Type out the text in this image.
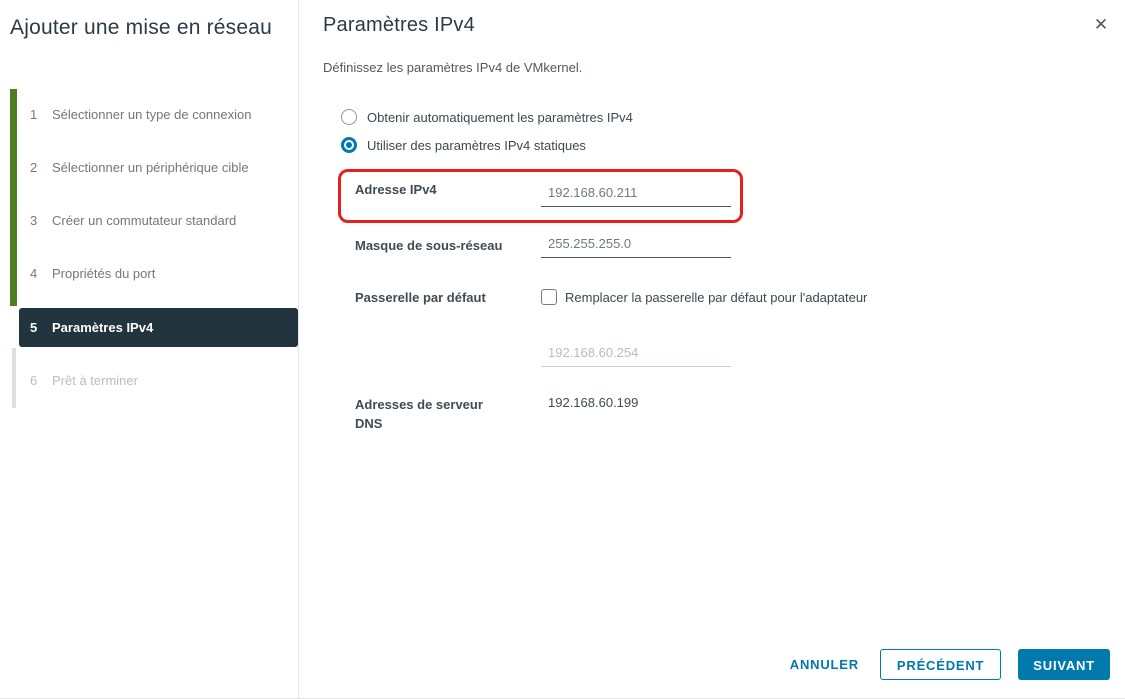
Ajouter une mise en réseau
1 Sélectionner un type de connexion
2 Sélectionner un périphérique cible
3 Créer un commutateur standard
4 Propriétés du port
5 Paramètres IPv4
6 Prêt à terminer
Paramètres IPv4	✕
Définissez les paramètres IPv4 de VMkernel.
Obtenir automatiquement les paramètres IPv4
Utiliser des paramètres IPv4 statiques
Adresse IPv4
192.168.60.211
Masque de sous-réseau
255.255.255.0
Passerelle par défaut	Remplacer la passerelle par défaut pour l'adaptateur
192.168.60.254
Adresses de serveur
DNS
192.168.60.199
ANNULER	PRÉCÉDENT	SUIVANT
